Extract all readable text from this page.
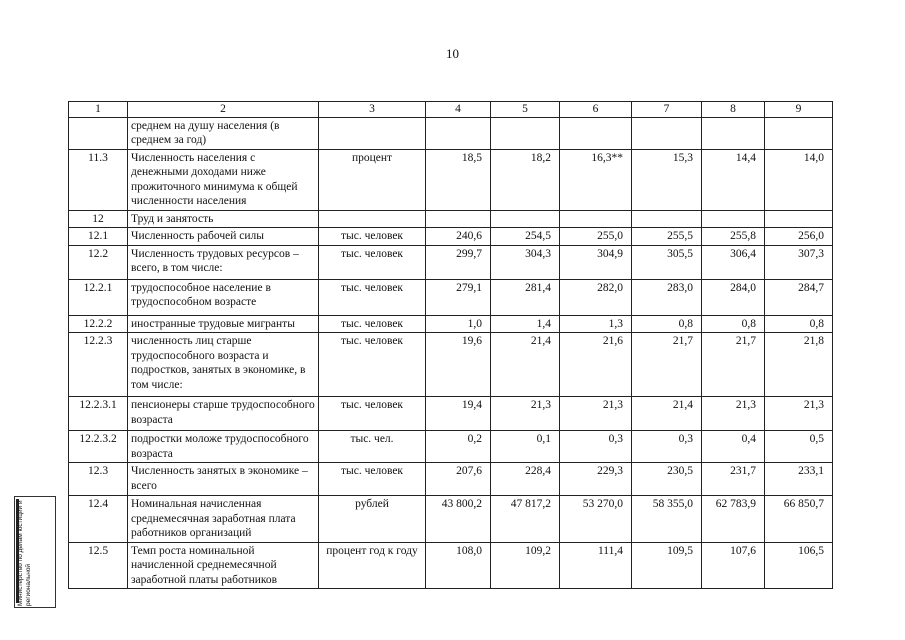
10
1	2	3	4	5	6	7	8	9
	среднем на душу населения (в среднем за год)							
11.3	Численность населения с денежными доходами ниже прожиточного минимума к общей численности населения	процент	18,5	18,2	16,3**	15,3	14,4	14,0
12	Труд и занятость							
12.1	Численность рабочей силы	тыс. человек	240,6	254,5	255,0	255,5	255,8	256,0
12.2	Численность трудовых ресурсов – всего, в том числе:	тыс. человек	299,7	304,3	304,9	305,5	306,4	307,3
12.2.1	трудоспособное население в трудоспособном возрасте	тыс. человек	279,1	281,4	282,0	283,0	284,0	284,7
12.2.2	иностранные трудовые мигранты	тыс. человек	1,0	1,4	1,3	0,8	0,8	0,8
12.2.3	численность лиц старше трудоспособного возраста и подростков, занятых в экономике, в том числе:	тыс. человек	19,6	21,4	21,6	21,7	21,7	21,8
12.2.3.1	пенсионеры старше трудоспособного возраста	тыс. человек	19,4	21,3	21,3	21,4	21,3	21,3
12.2.3.2	подростки моложе трудоспособного возраста	тыс. чел.	0,2	0,1	0,3	0,3	0,4	0,5
12.3	Численность занятых в экономике – всего	тыс. человек	207,6	228,4	229,3	230,5	231,7	233,1
12.4	Номинальная начисленная среднемесячная заработная плата работников организаций	рублей	43 800,2	47 817,2	53 270,0	58 355,0	62 783,9	66 850,7
12.5	Темп роста номинальной начисленной среднемесячной заработной платы работников	процент год к году	108,0	109,2	111,4	109,5	107,6	106,5
Министерство по делам юстиции и региональной
